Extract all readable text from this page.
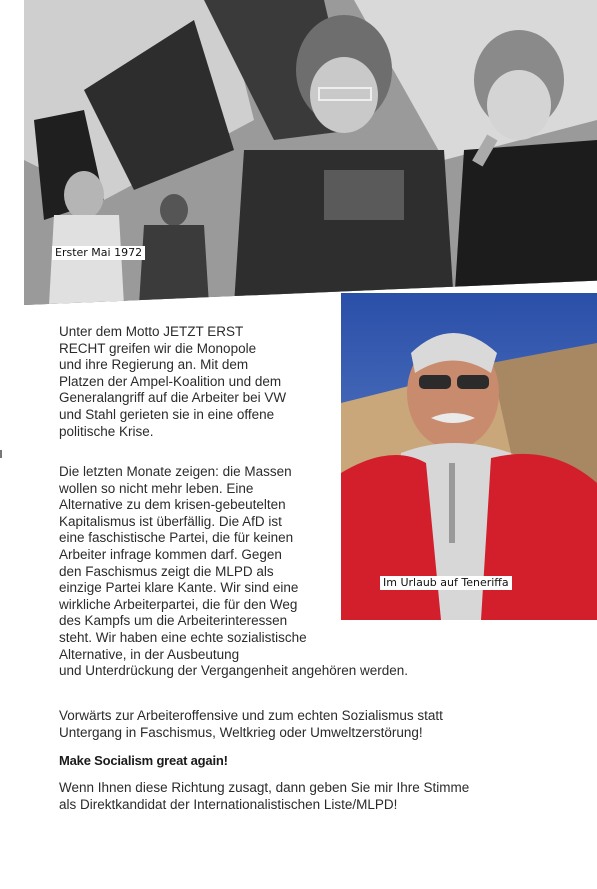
Erster Mai 1972
Im Urlaub auf Teneriffa

Unter dem Motto JETZT ERST
RECHT greifen wir die Monopole
und ihre Regierung an. Mit dem
Platzen der Ampel-Koalition und dem
Generalangriff auf die Arbeiter bei VW
und Stahl gerieten sie in eine offene
politische Krise.

Die letzten Monate zeigen: die Massen
wollen so nicht mehr leben. Eine
Alternative zu dem krisen-gebeutelten
Kapitalismus ist überfällig. Die AfD ist
eine faschistische Partei, die für keinen
Arbeiter infrage kommen darf. Gegen
den Faschismus zeigt die MLPD als
einzige Partei klare Kante. Wir sind eine
wirkliche Arbeiterpartei, die für den Weg
des Kampfs um die Arbeiterinteressen
steht. Wir haben eine echte sozialistische
Alternative, in der Ausbeutung
und Unterdrückung der Vergangenheit angehören werden.

Vorwärts zur Arbeiteroffensive und zum echten Sozialismus statt
Untergang in Faschismus, Weltkrieg oder Umweltzerstörung!

Make Socialism great again!

Wenn Ihnen diese Richtung zusagt, dann geben Sie mir Ihre Stimme
als Direktkandidat der Internationalistischen Liste/MLPD!
